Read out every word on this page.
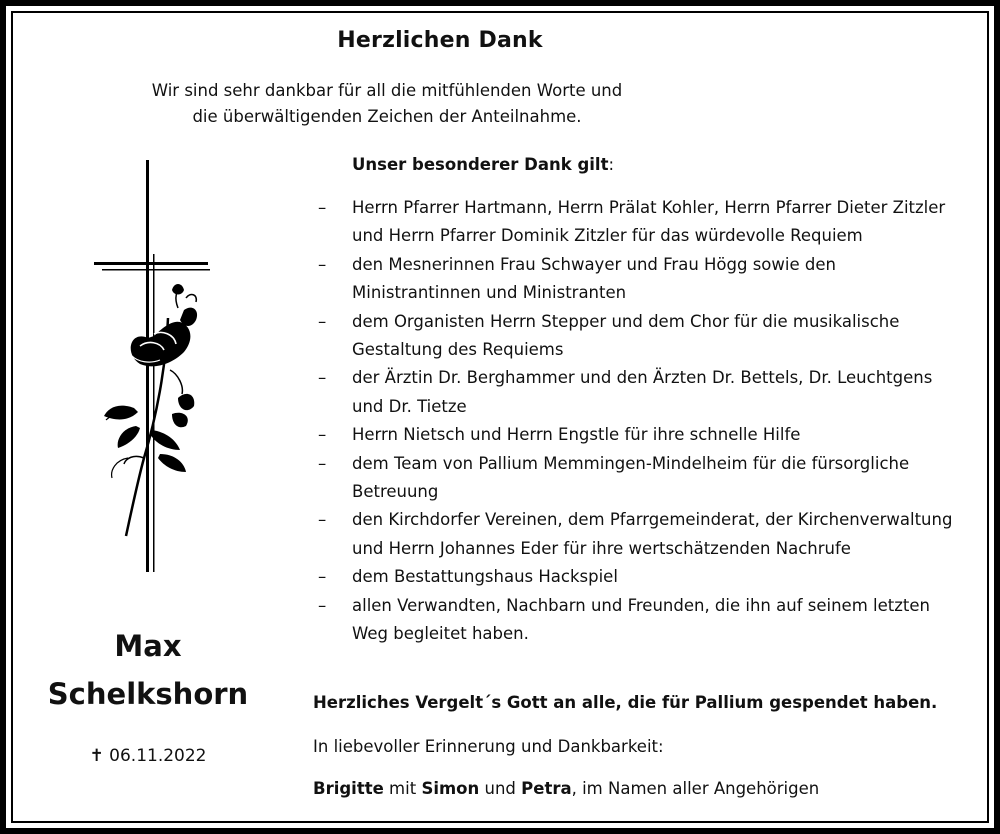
Herzlichen Dank
Wir sind sehr dankbar für all die mitfühlenden Worte und
die überwältigenden Zeichen der Anteilnahme.
Unser besonderer Dank gilt:
–	Herrn Pfarrer Hartmann, Herrn Prälat Kohler, Herrn Pfarrer Dieter Zitzler und Herrn Pfarrer Dominik Zitzler für das würdevolle Requiem
–	den Mesnerinnen Frau Schwayer und Frau Högg sowie den Ministrantinnen und Ministranten
–	dem Organisten Herrn Stepper und dem Chor für die musikalische Gestaltung des Requiems
–	der Ärztin Dr. Berghammer und den Ärzten Dr. Bettels, Dr. Leuchtgens und Dr. Tietze
–	Herrn Nietsch und Herrn Engstle für ihre schnelle Hilfe
–	dem Team von Pallium Memmingen-Mindelheim für die fürsorgliche Betreuung
–	den Kirchdorfer Vereinen, dem Pfarrgemeinderat, der Kirchenverwaltung und Herrn Johannes Eder für ihre wertschätzenden Nachrufe
–	dem Bestattungshaus Hackspiel
–	allen Verwandten, Nachbarn und Freunden, die ihn auf seinem letzten Weg begleitet haben.
Herzliches Vergelt´s Gott an alle, die für Pallium gespendet haben.
In liebevoller Erinnerung und Dankbarkeit:
Brigitte mit Simon und Petra, im Namen aller Angehörigen
Max
Schelkshorn
✝ 06.11.2022
